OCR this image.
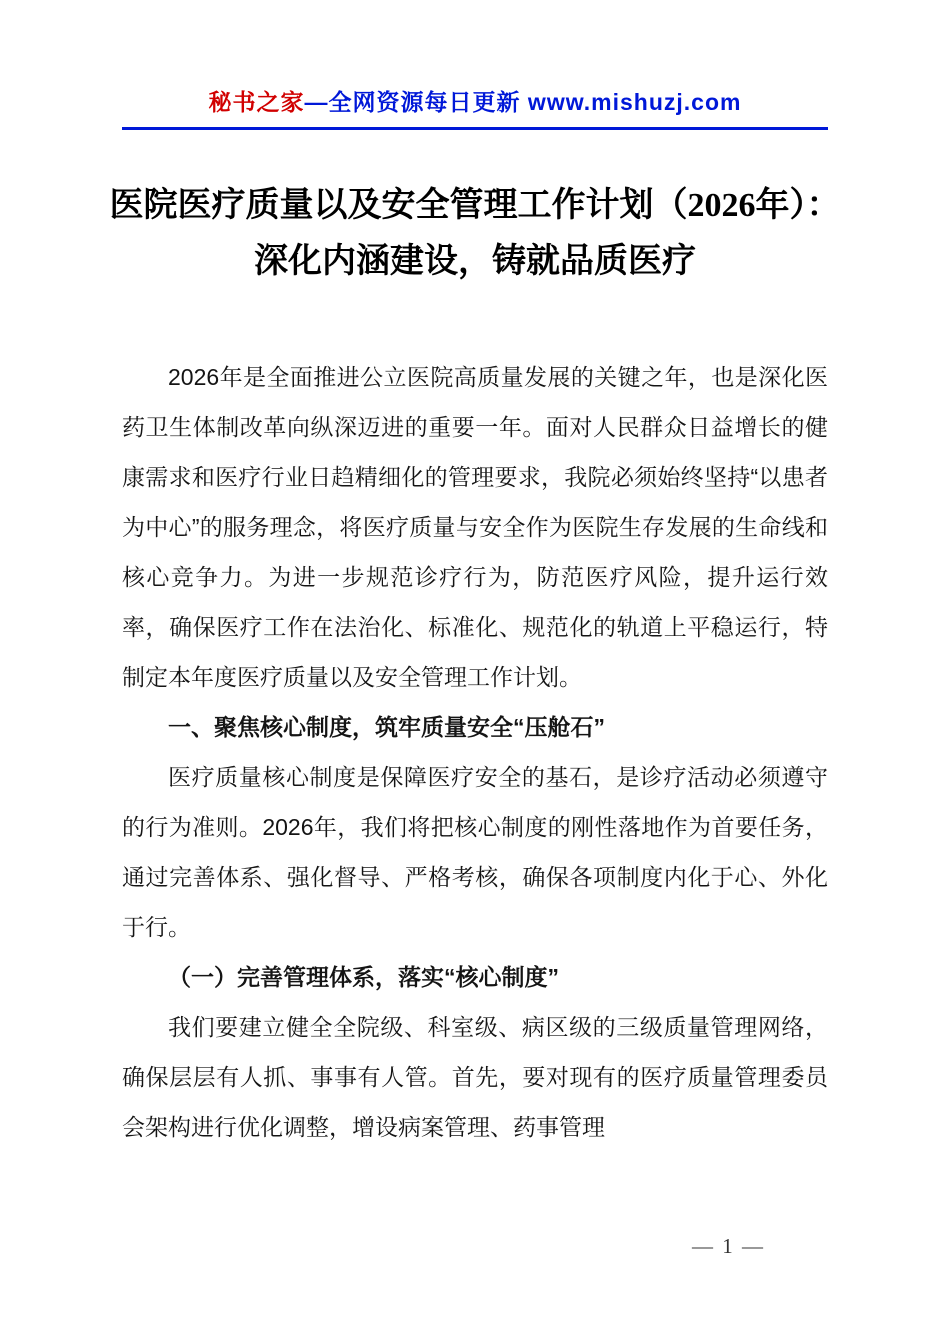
秘书之家—全网资源每日更新 www.mishuzj.com
医院医疗质量以及安全管理工作计划（2026年）：深化内涵建设，铸就品质医疗

2026年是全面推进公立医院高质量发展的关键之年，也是深化医药卫生体制改革向纵深迈进的重要一年。面对人民群众日益增长的健康需求和医疗行业日趋精细化的管理要求，我院必须始终坚持“以患者为中心”的服务理念，将医疗质量与安全作为医院生存发展的生命线和核心竞争力。为进一步规范诊疗行为，防范医疗风险，提升运行效率，确保医疗工作在法治化、标准化、规范化的轨道上平稳运行，特制定本年度医疗质量以及安全管理工作计划。

一、聚焦核心制度，筑牢质量安全“压舱石”

医疗质量核心制度是保障医疗安全的基石，是诊疗活动必须遵守的行为准则。2026年，我们将把核心制度的刚性落地作为首要任务，通过完善体系、强化督导、严格考核，确保各项制度内化于心、外化于行。

（一）完善管理体系，落实“核心制度”

我们要建立健全全院级、科室级、病区级的三级质量管理网络，确保层层有人抓、事事有人管。首先，要对现有的医疗质量管理委员会架构进行优化调整，增设病案管理、药事管理

— 1 —
